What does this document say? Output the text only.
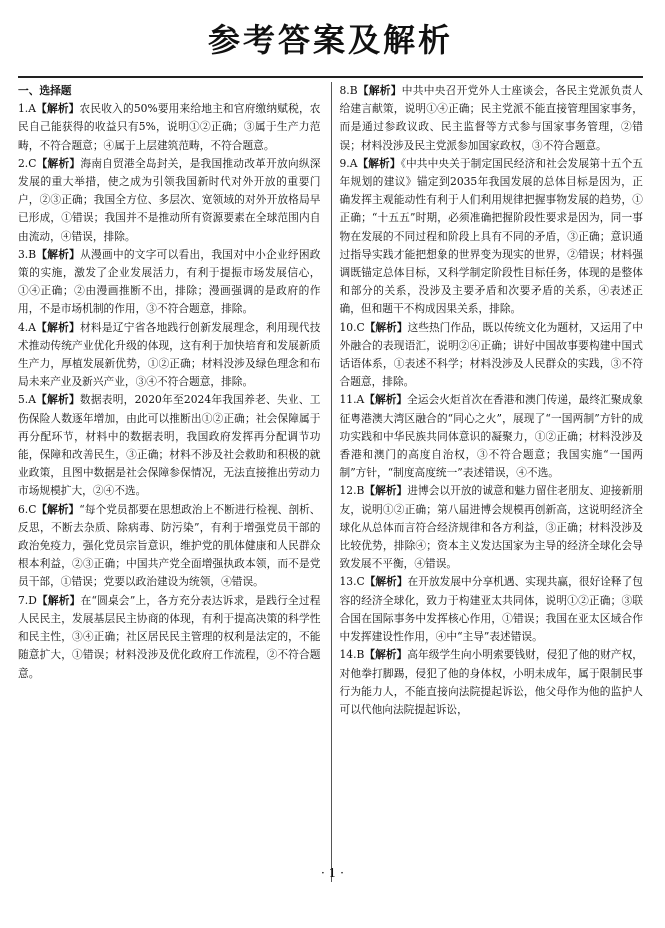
参考答案及解析
一、选择题
1.A【解析】农民收入的50%要用来给地主和官府缴纳赋税，农民自己能获得的收益只有5%，说明①②正确；③属于生产力范畴，不符合题意；④属于上层建筑范畴，不符合题意。
2.C【解析】海南自贸港全岛封关，是我国推动改革开放向纵深发展的重大举措，使之成为引领我国新时代对外开放的重要门户，②③正确；我国全方位、多层次、宽领域的对外开放格局早已形成，①错误；我国并不是推动所有资源要素在全球范围内自由流动，④错误，排除。
3.B【解析】从漫画中的文字可以看出，我国对中小企业纾困政策的实施，激发了企业发展活力，有利于提振市场发展信心，①④正确；②由漫画推断不出，排除；漫画强调的是政府的作用，不是市场机制的作用，③不符合题意，排除。
4.A【解析】材料是辽宁省各地践行创新发展理念，利用现代技术推动传统产业优化升级的体现，这有利于加快培育和发展新质生产力，厚植发展新优势，①②正确；材料没涉及绿色理念和布局未来产业及新兴产业，③④不符合题意，排除。
5.A【解析】数据表明，2020年至2024年我国养老、失业、工伤保险人数逐年增加，由此可以推断出①②正确；社会保障属于再分配环节，材料中的数据表明，我国政府发挥再分配调节功能，保障和改善民生，③正确；材料不涉及社会救助和积极的就业政策，且图中数据是社会保障参保情况，无法直接推出劳动力市场规模扩大，②④不选。
6.C【解析】“每个党员都要在思想政治上不断进行检视、剖析、反思，不断去杂质、除病毒、防污染”，有利于增强党员干部的政治免疫力，强化党员宗旨意识，维护党的肌体健康和人民群众根本利益，②③正确；中国共产党全面增强执政本领，而不是党员干部，①错误；党要以政治建设为统领，④错误。
7.D【解析】在“圆桌会”上，各方充分表达诉求，是践行全过程人民民主，发展基层民主协商的体现，有利于提高决策的科学性和民主性，③④正确；社区居民民主管理的权利是法定的，不能随意扩大，①错误；材料没涉及优化政府工作流程，②不符合题意。
8.B【解析】中共中央召开党外人士座谈会，各民主党派负责人给建言献策，说明①④正确；民主党派不能直接管理国家事务，而是通过参政议政、民主监督等方式参与国家事务管理，②错误；材料没涉及民主党派参加国家政权，③不符合题意。
9.A【解析】《中共中央关于制定国民经济和社会发展第十五个五年规划的建议》锚定到2035年我国发展的总体目标是因为，正确发挥主观能动性有利于人们利用规律把握事物发展的趋势，①正确；“十五五”时期，必须准确把握阶段性要求是因为，同一事物在发展的不同过程和阶段上具有不同的矛盾，③正确；意识通过指导实践才能把想象的世界变为现实的世界，②错误；材料强调既锚定总体目标，又科学制定阶段性目标任务，体现的是整体和部分的关系，没涉及主要矛盾和次要矛盾的关系，④表述正确，但和题干不构成因果关系，排除。
10.C【解析】这些热门作品，既以传统文化为题材，又运用了中外融合的表现语汇，说明②④正确；讲好中国故事要构建中国式话语体系，①表述不科学；材料没涉及人民群众的实践，③不符合题意，排除。
11.A【解析】全运会火炬首次在香港和澳门传递，最终汇聚成象征粤港澳大湾区融合的“同心之火”，展现了“一国两制”方针的成功实践和中华民族共同体意识的凝聚力，①②正确；材料没涉及香港和澳门的高度自治权，③不符合题意；我国实施“一国两制”方针，“制度高度统一”表述错误，④不选。
12.B【解析】进博会以开放的诚意和魅力留住老朋友、迎接新朋友，说明①②正确；第八届进博会规模再创新高，这说明经济全球化从总体而言符合经济规律和各方利益，③正确；材料没涉及比较优势，排除④；资本主义发达国家为主导的经济全球化会导致发展不平衡，④错误。
13.C【解析】在开放发展中分享机遇、实现共赢，很好诠释了包容的经济全球化，致力于构建亚太共同体，说明①②正确；③联合国在国际事务中发挥核心作用，①错误；我国在亚太区域合作中发挥建设性作用，④中“主导”表述错误。
14.B【解析】高年级学生向小明索要钱财，侵犯了他的财产权，对他拳打脚踢，侵犯了他的身体权，小明未成年，属于限制民事行为能力人，不能直接向法院提起诉讼，他父母作为他的监护人可以代他向法院提起诉讼，
· 1 ·
